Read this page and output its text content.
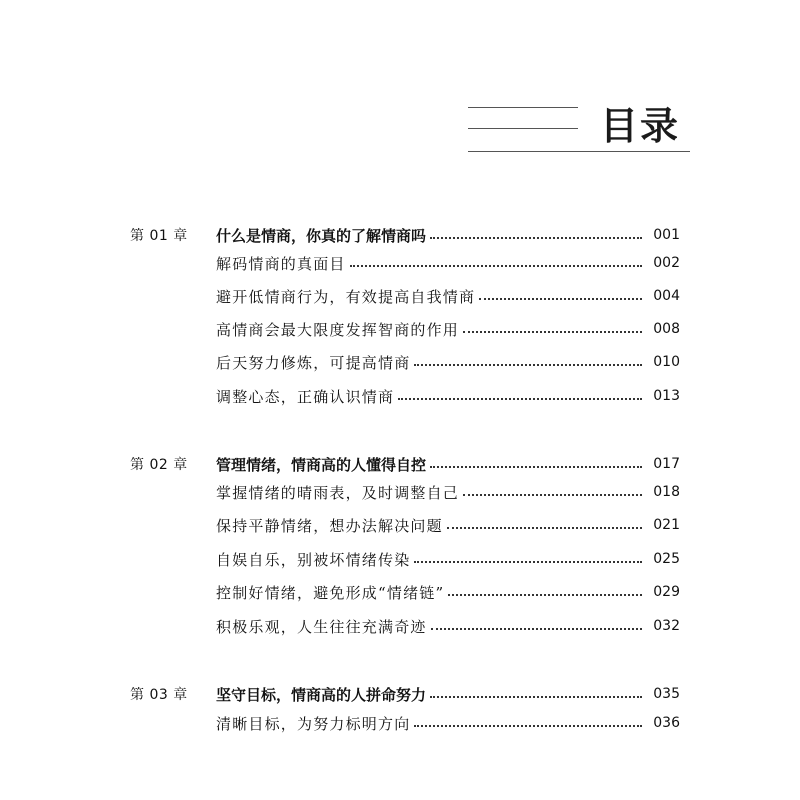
目录
第 01 章	什么是情商，你真的了解情商吗	001
解码情商的真面目	002
避开低情商行为，有效提高自我情商	004
高情商会最大限度发挥智商的作用	008
后天努力修炼，可提高情商	010
调整心态，正确认识情商	013
第 02 章	管理情绪，情商高的人懂得自控	017
掌握情绪的晴雨表，及时调整自己	018
保持平静情绪，想办法解决问题	021
自娱自乐，别被坏情绪传染	025
控制好情绪，避免形成“情绪链”	029
积极乐观，人生往往充满奇迹	032
第 03 章	坚守目标，情商高的人拼命努力	035
清晰目标，为努力标明方向	036
